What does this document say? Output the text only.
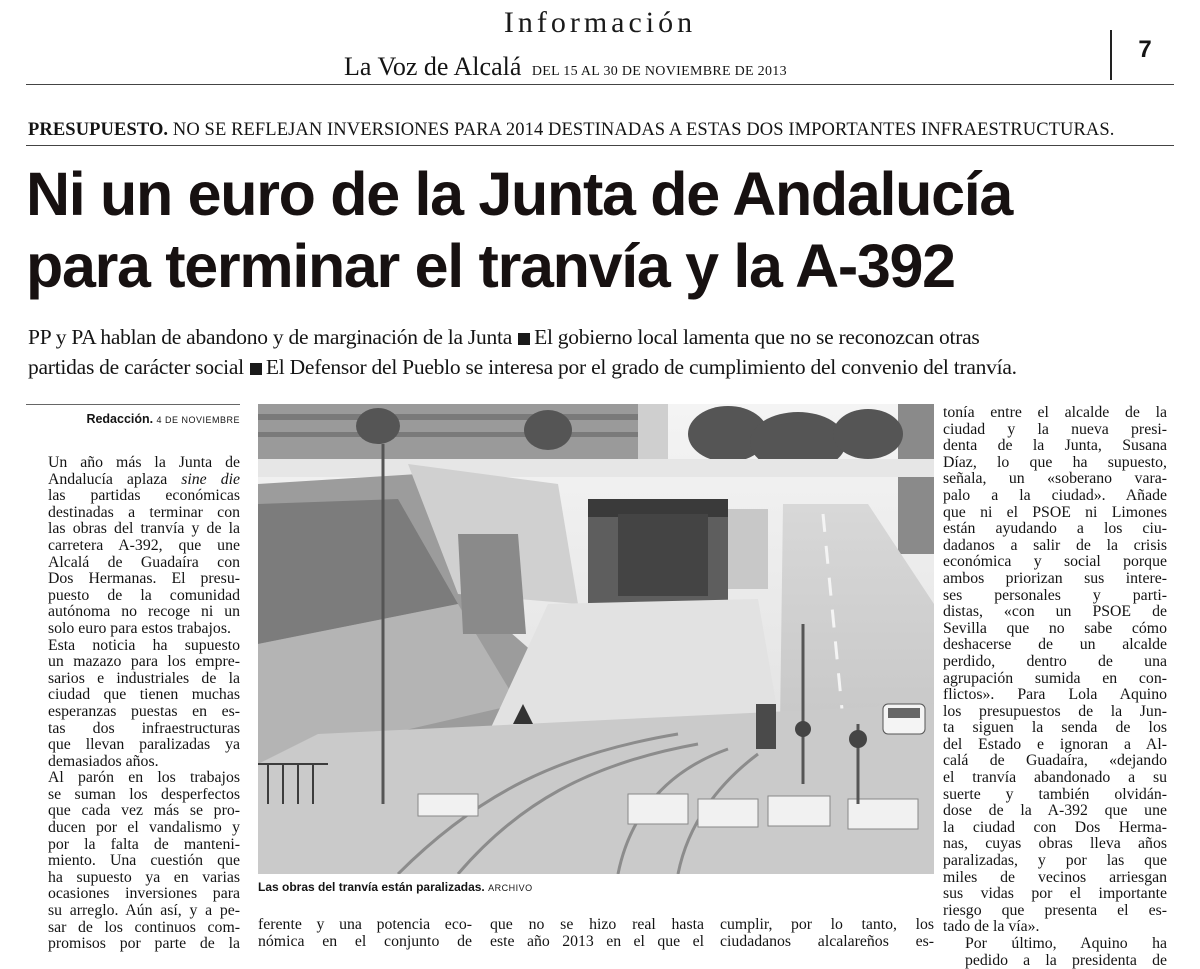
Información
La Voz de Alcalá DEL 15 AL 30 DE NOVIEMBRE DE 2013
7
PRESUPUESTO. NO SE REFLEJAN INVERSIONES PARA 2014 DESTINADAS A ESTAS DOS IMPORTANTES INFRAESTRUCTURAS.
Ni un euro de la Junta de Andalucía
para terminar el tranvía y la A-392
PP y PA hablan de abandono y de marginación de la Junta El gobierno local lamenta que no se reconozcan otras
partidas de carácter social El Defensor del Pueblo se interesa por el grado de cumplimiento del convenio del tranvía.
Redacción. 4 DE NOVIEMBRE

Un año más la Junta de
Andalucía aplaza sine die
las partidas económicas
destinadas a terminar con
las obras del tranvía y de la
carretera A-392, que une
Alcalá de Guadaíra con
Dos Hermanas. El presu-
puesto de la comunidad
autónoma no recoge ni un
solo euro para estos trabajos.

Esta noticia ha supuesto
un mazazo para los empre-
sarios e industriales de la
ciudad que tienen muchas
esperanzas puestas en es-
tas dos infraestructuras
que llevan paralizadas ya
demasiados años.

Al parón en los trabajos
se suman los desperfectos
que cada vez más se pro-
ducen por el vandalismo y
por la falta de manteni-
miento. Una cuestión que
ha supuesto ya en varias
ocasiones inversiones para
su arreglo. Aún así, y a pe-
sar de los continuos com-
promisos por parte de la

Las obras del tranvía están paralizadas. ARCHIVO
ferente y una potencia eco-
nómica en el conjunto de
que no se hizo real hasta
este año 2013 en el que el
cumplir, por lo tanto, los
ciudadanos alcalareños es-

tonía entre el alcalde de la
ciudad y la nueva presi-
denta de la Junta, Susana
Díaz, lo que ha supuesto,
señala, un «soberano vara-
palo a la ciudad». Añade
que ni el PSOE ni Limones
están ayudando a los ciu-
dadanos a salir de la crisis
económica y social porque
ambos priorizan sus intere-
ses personales y parti-
distas, «con un PSOE de
Sevilla que no sabe cómo
deshacerse de un alcalde
perdido, dentro de una
agrupación sumida en con-
flictos». Para Lola Aquino
los presupuestos de la Jun-
ta siguen la senda de los
del Estado e ignoran a Al-
calá de Guadaíra, «dejando
el tranvía abandonado a su
suerte y también olvidán-
dose de la A-392 que une
la ciudad con Dos Herma-
nas, cuyas obras lleva años
paralizadas, y por las que
miles de vecinos arriesgan
sus vidas por el importante
riesgo que presenta el es-
tado de la vía».

Por último, Aquino ha
pedido a la presidenta de
